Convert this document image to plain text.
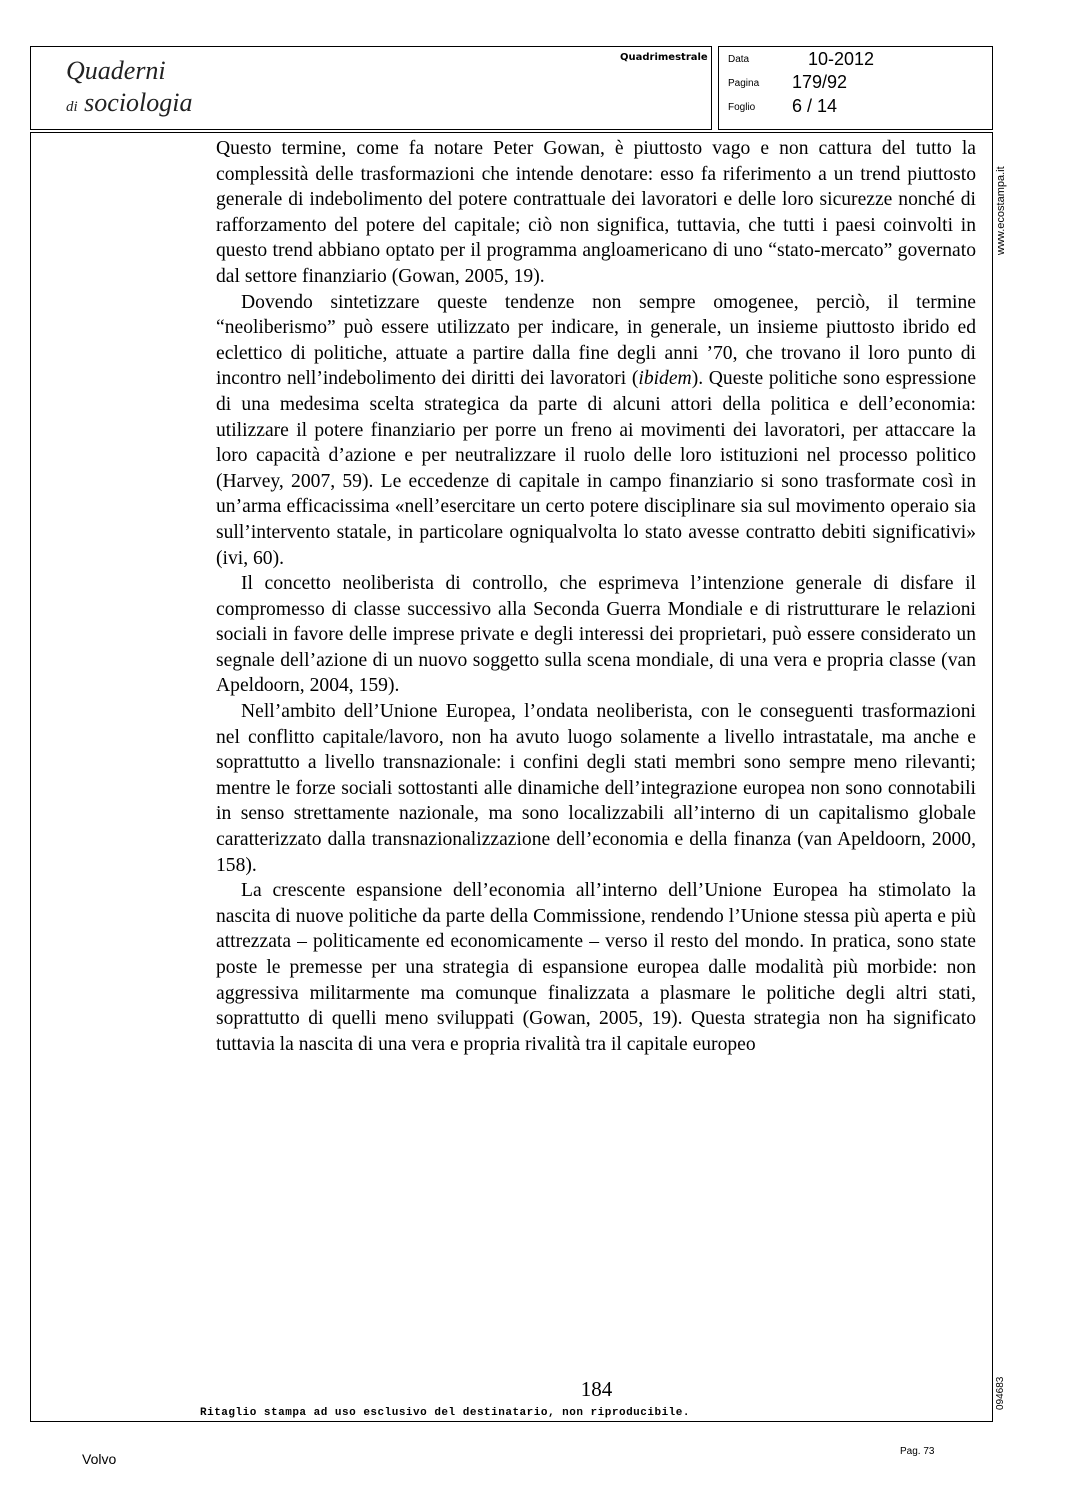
Quaderni
di sociologia
Quadrimestrale Data	10-2012
Pagina	179/92
Foglio	6 / 14
www.ecostampa.it
094683

Questo termine, come fa notare Peter Gowan, è piuttosto vago e non cattura del tutto la complessità delle trasformazioni che intende denotare: esso fa riferimento a un trend piuttosto generale di indebolimento del potere contrattuale dei lavoratori e delle loro sicurezze nonché di rafforzamento del potere del capitale; ciò non significa, tuttavia, che tutti i paesi coinvolti in questo trend abbiano optato per il programma angloamericano di uno “stato-mercato” governato dal settore finanziario (Gowan, 2005, 19).

Dovendo sintetizzare queste tendenze non sempre omogenee, perciò, il termine “neoliberismo” può essere utilizzato per indicare, in generale, un insieme piuttosto ibrido ed eclettico di politiche, attuate a partire dalla fine degli anni ’70, che trovano il loro punto di incontro nell’indebolimento dei diritti dei lavoratori (ibidem). Queste politiche sono espressione di una medesima scelta strategica da parte di alcuni attori della politica e dell’economia: utilizzare il potere finanziario per porre un freno ai movimenti dei lavoratori, per attaccare la loro capacità d’azione e per neutralizzare il ruolo delle loro istituzioni nel processo politico (Harvey, 2007, 59). Le eccedenze di capitale in campo finanziario si sono trasformate così in un’arma efficacissima «nell’esercitare un certo potere disciplinare sia sul movimento operaio sia sull’intervento statale, in particolare ogniqualvolta lo stato avesse contratto debiti significativi» (ivi, 60).

Il concetto neoliberista di controllo, che esprimeva l’intenzione generale di disfare il compromesso di classe successivo alla Seconda Guerra Mondiale e di ristrutturare le relazioni sociali in favore delle imprese private e degli interessi dei proprietari, può essere considerato un segnale dell’azione di un nuovo soggetto sulla scena mondiale, di una vera e propria classe (van Apeldoorn, 2004, 159).

Nell’ambito dell’Unione Europea, l’ondata neoliberista, con le conseguenti trasformazioni nel conflitto capitale/lavoro, non ha avuto luogo solamente a livello intrastatale, ma anche e soprattutto a livello transnazionale: i confini degli stati membri sono sempre meno rilevanti; mentre le forze sociali sottostanti alle dinamiche dell’integrazione europea non sono connotabili in senso strettamente nazionale, ma sono localizzabili all’interno di un capitalismo globale caratterizzato dalla transnazionalizzazione dell’economia e della finanza (van Apeldoorn, 2000, 158).

La crescente espansione dell’economia all’interno dell’Unione Europea ha stimolato la nascita di nuove politiche da parte della Commissione, rendendo l’Unione stessa più aperta e più attrezzata – politicamente ed economicamente – verso il resto del mondo. In pratica, sono state poste le premesse per una strategia di espansione europea dalle modalità più morbide: non aggressiva militarmente ma comunque finalizzata a plasmare le politiche degli altri stati, soprattutto di quelli meno sviluppati (Gowan, 2005, 19). Questa strategia non ha significato tuttavia la nascita di una vera e propria rivalità tra il capitale europeo

184
Ritaglio stampa ad uso esclusivo del destinatario, non riproducibile.
Volvo	Pag. 73
